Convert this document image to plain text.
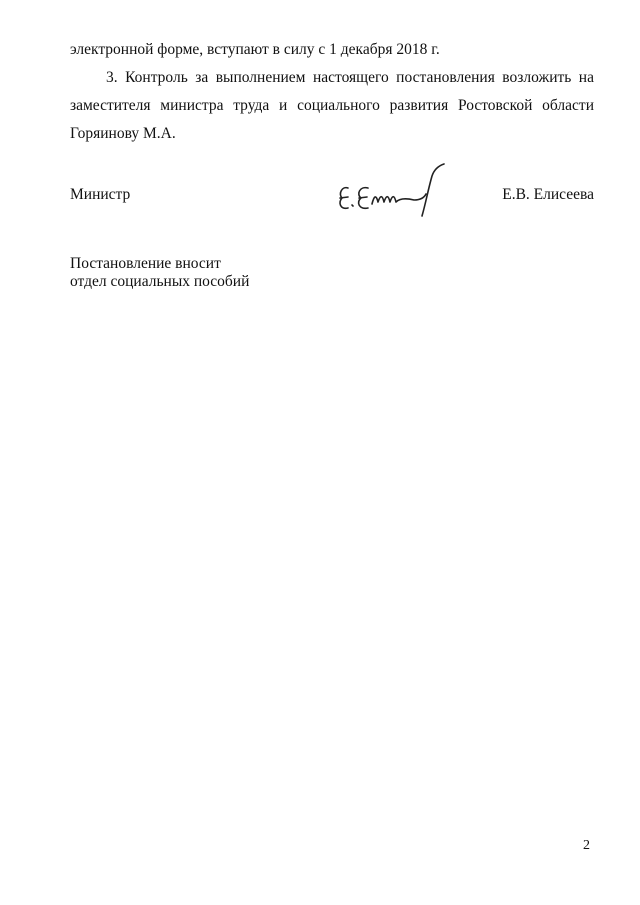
электронной форме, вступают в силу с 1 декабря 2018 г.
3. Контроль за выполнением настоящего постановления возложить на
заместителя министра труда и социального развития Ростовской области
Горяинову М.А.
Министр	Е.В. Елисеева
Постановление вносит
отдел социальных пособий
2
